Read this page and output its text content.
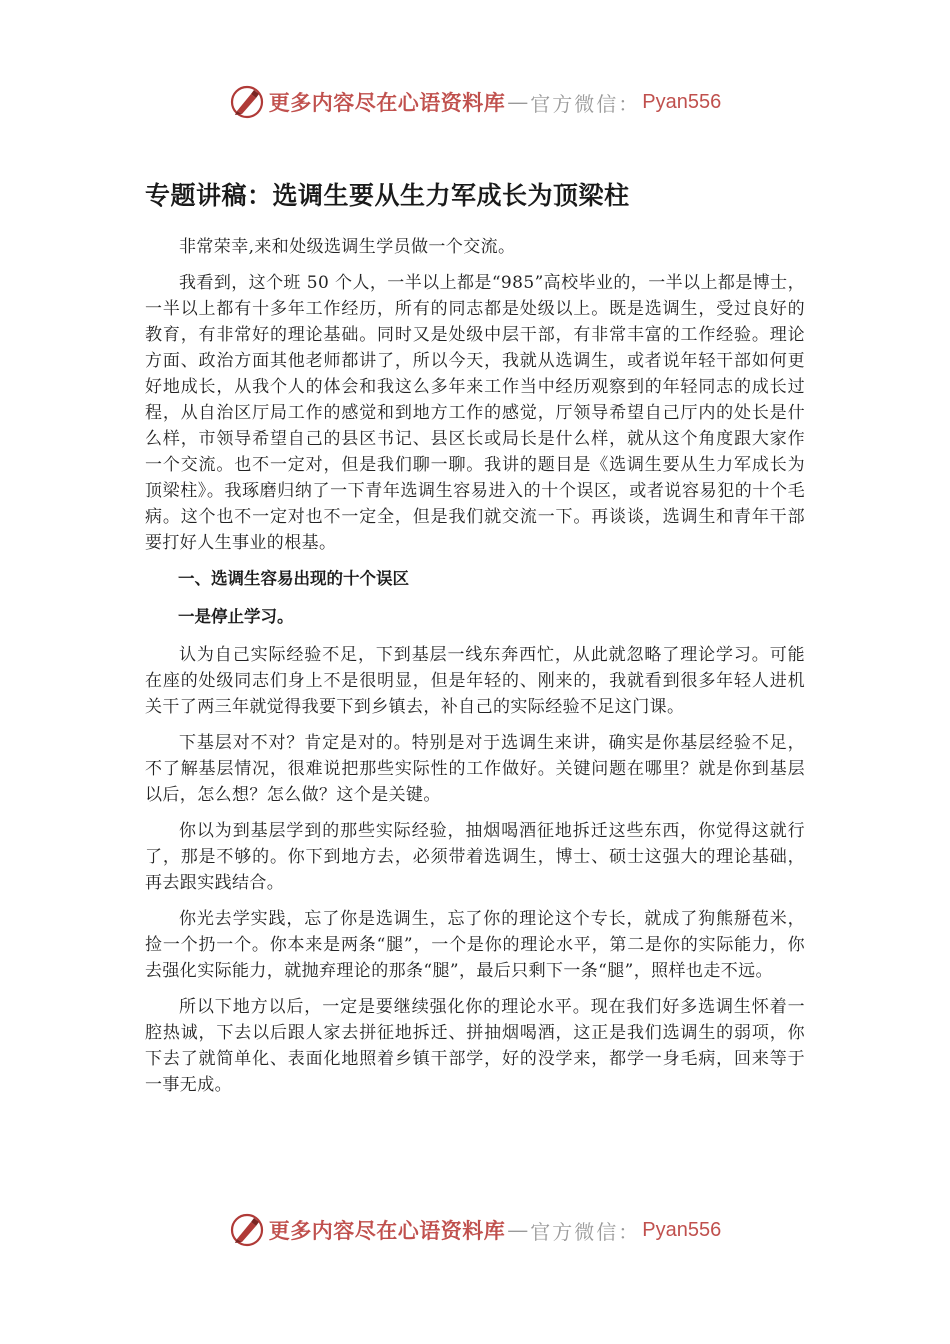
更多内容尽在心语资料库 — 官方微信： Pyan556
专题讲稿：选调生要从生力军成长为顶梁柱

非常荣幸,来和处级选调生学员做一个交流。

我看到，这个班 50 个人，一半以上都是“985”高校毕业的，一半以上都是博士，一半以上都有十多年工作经历，所有的同志都是处级以上。既是选调生，受过良好的教育，有非常好的理论基础。同时又是处级中层干部，有非常丰富的工作经验。理论方面、政治方面其他老师都讲了，所以今天，我就从选调生，或者说年轻干部如何更好地成长，从我个人的体会和我这么多年来工作当中经历观察到的年轻同志的成长过程，从自治区厅局工作的感觉和到地方工作的感觉，厅领导希望自己厅内的处长是什么样，市领导希望自己的县区书记、县区长或局长是什么样，就从这个角度跟大家作一个交流。也不一定对，但是我们聊一聊。我讲的题目是《选调生要从生力军成长为顶梁柱》。我琢磨归纳了一下青年选调生容易进入的十个误区，或者说容易犯的十个毛病。这个也不一定对也不一定全，但是我们就交流一下。再谈谈，选调生和青年干部要打好人生事业的根基。

一、选调生容易出现的十个误区

一是停止学习。

认为自己实际经验不足，下到基层一线东奔西忙，从此就忽略了理论学习。可能在座的处级同志们身上不是很明显，但是年轻的、刚来的，我就看到很多年轻人进机关干了两三年就觉得我要下到乡镇去，补自己的实际经验不足这门课。

下基层对不对？肯定是对的。特别是对于选调生来讲，确实是你基层经验不足，不了解基层情况，很难说把那些实际性的工作做好。关键问题在哪里？就是你到基层以后，怎么想？怎么做？这个是关键。

你以为到基层学到的那些实际经验，抽烟喝酒征地拆迁这些东西，你觉得这就行了，那是不够的。你下到地方去，必须带着选调生，博士、硕士这强大的理论基础，再去跟实践结合。

你光去学实践，忘了你是选调生，忘了你的理论这个专长，就成了狗熊掰苞米，捡一个扔一个。你本来是两条“腿”，一个是你的理论水平，第二是你的实际能力，你去强化实际能力，就抛弃理论的那条“腿”，最后只剩下一条“腿”，照样也走不远。

所以下地方以后，一定是要继续强化你的理论水平。现在我们好多选调生怀着一腔热诚，下去以后跟人家去拼征地拆迁、拼抽烟喝酒，这正是我们选调生的弱项，你下去了就简单化、表面化地照着乡镇干部学，好的没学来，都学一身毛病，回来等于一事无成。

更多内容尽在心语资料库 — 官方微信： Pyan556
